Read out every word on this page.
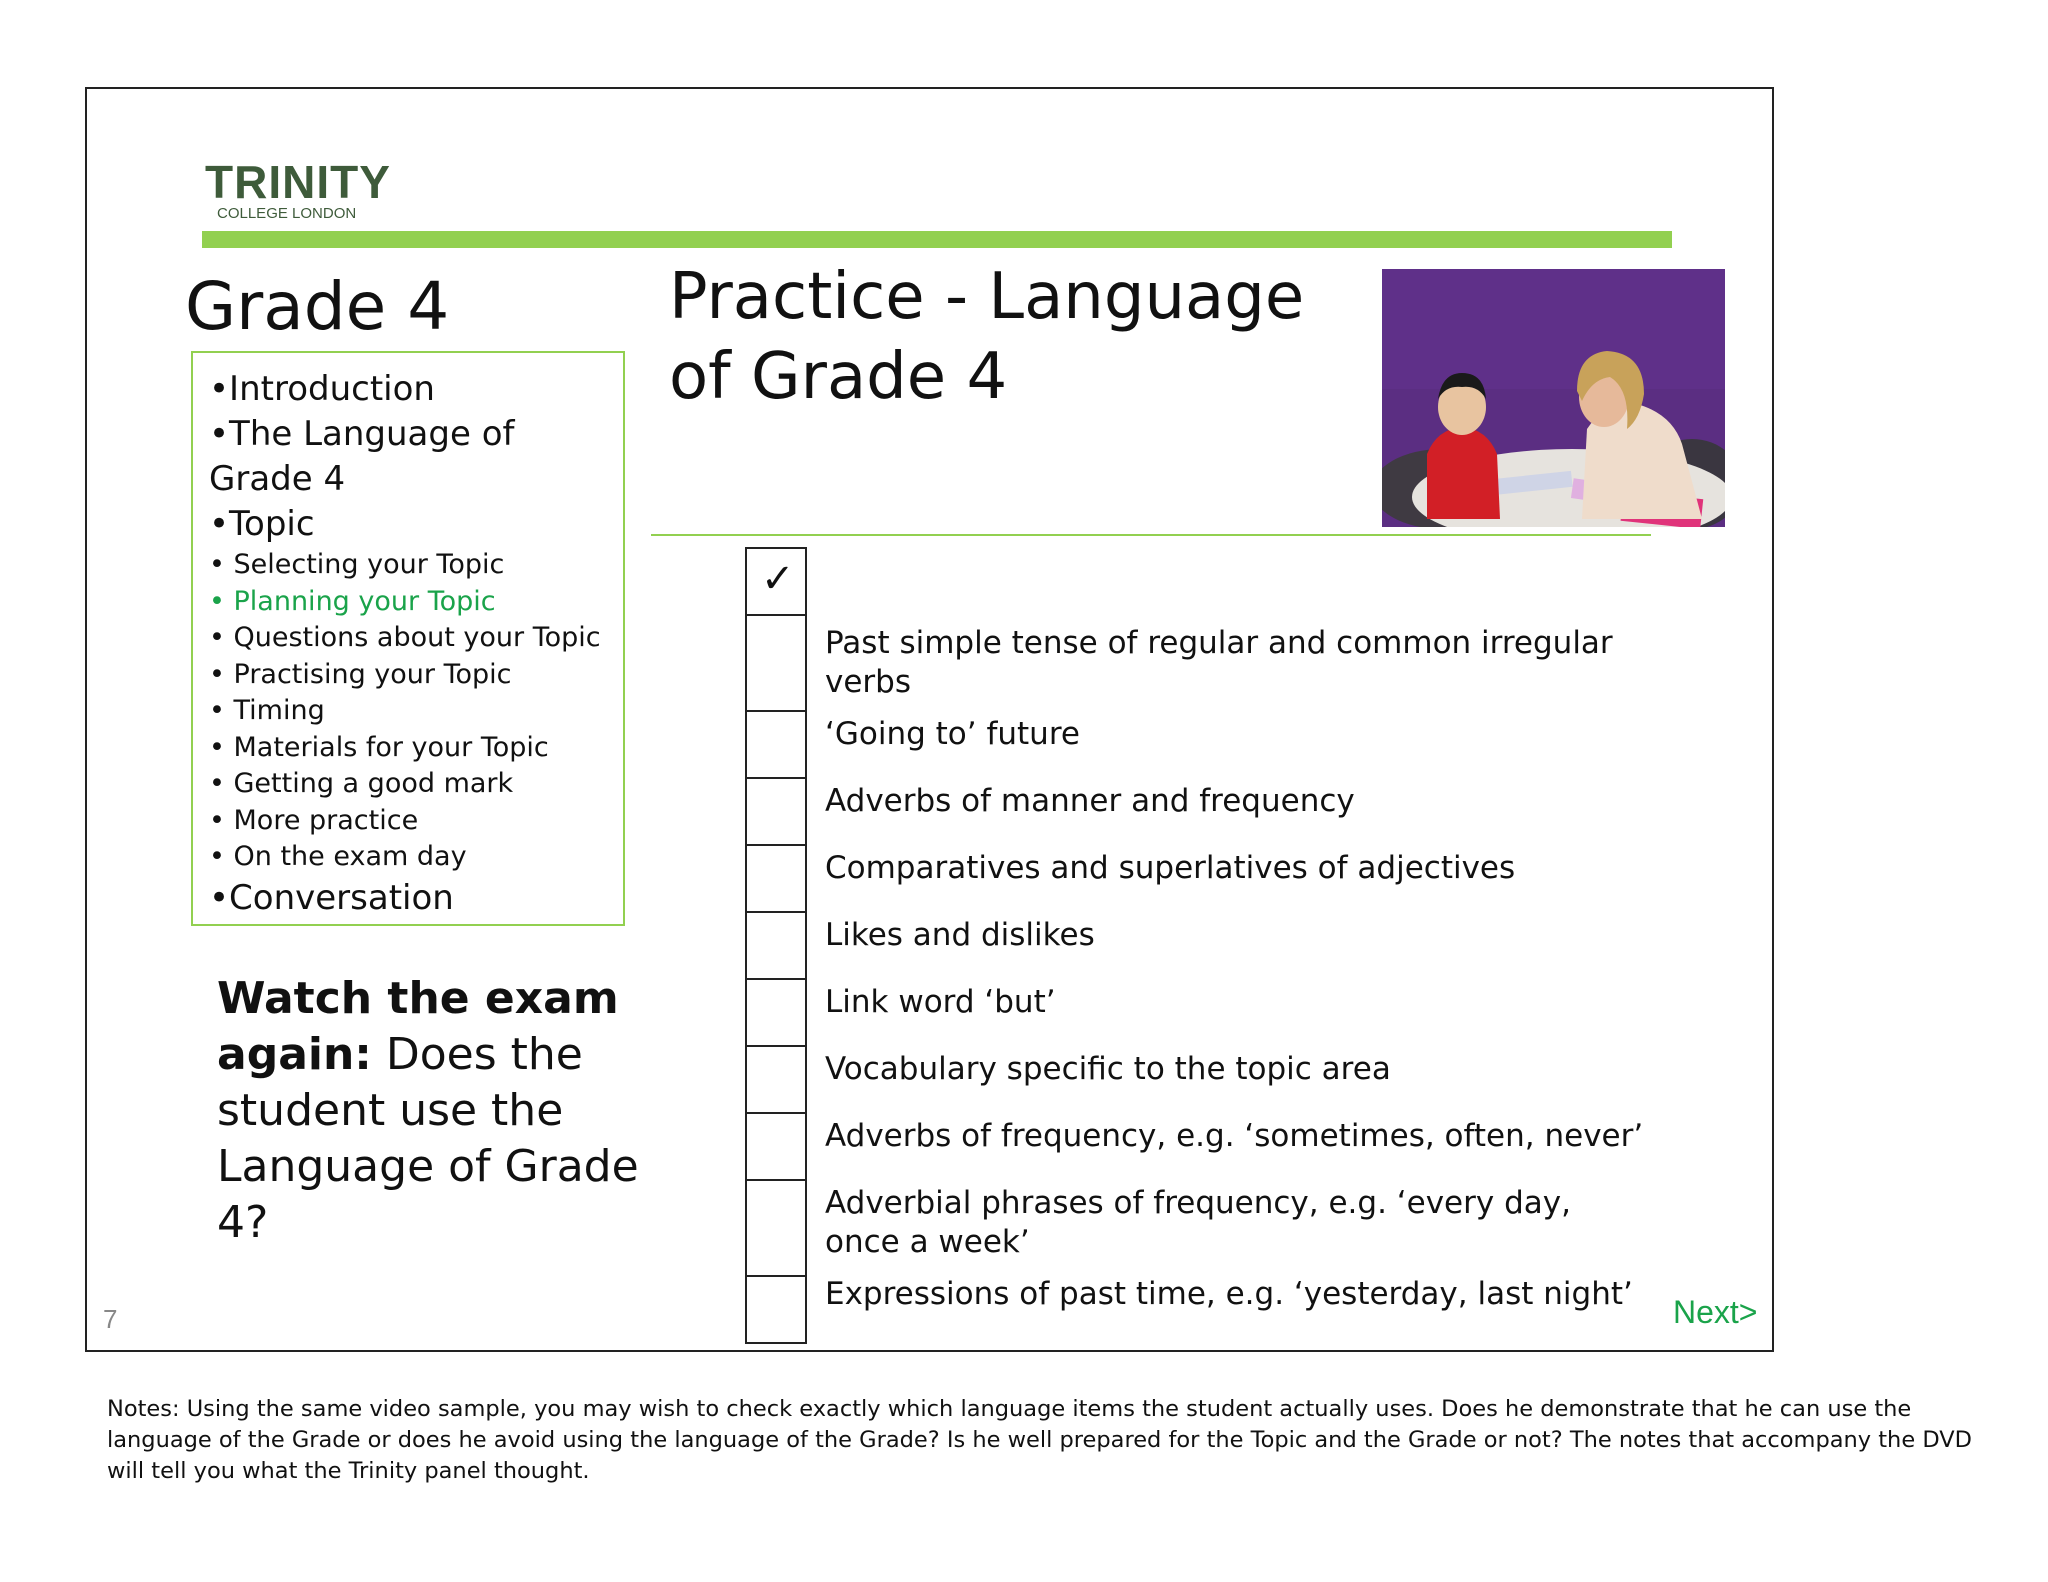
TRINITY
COLLEGE LONDON
Grade 4
•Introduction
•The Language of
Grade 4
•Topic
• Selecting your Topic
• Planning your Topic
• Questions about your Topic
• Practising your Topic
• Timing
• Materials for your Topic
• Getting a good mark
• More practice
• On the exam day
•Conversation
Watch the exam again: Does the student use the Language of Grade 4?
7
Practice - Language
of Grade 4
✓
Past simple tense of regular and common irregular
verbs
‘Going to’ future
Adverbs of manner and frequency
Comparatives and superlatives of adjectives
Likes and dislikes
Link word ‘but’
Vocabulary specific to the topic area
Adverbs of frequency, e.g. ‘sometimes, often, never’
Adverbial phrases of frequency, e.g. ‘every day,
once a week’
Expressions of past time, e.g. ‘yesterday, last night’ Next>
Notes: Using the same video sample, you may wish to check exactly which language items the student actually uses. Does he demonstrate that he can use the language of the Grade or does he avoid using the language of the Grade? Is he well prepared for the Topic and the Grade or not? The notes that accompany the DVD will tell you what the Trinity panel thought.
